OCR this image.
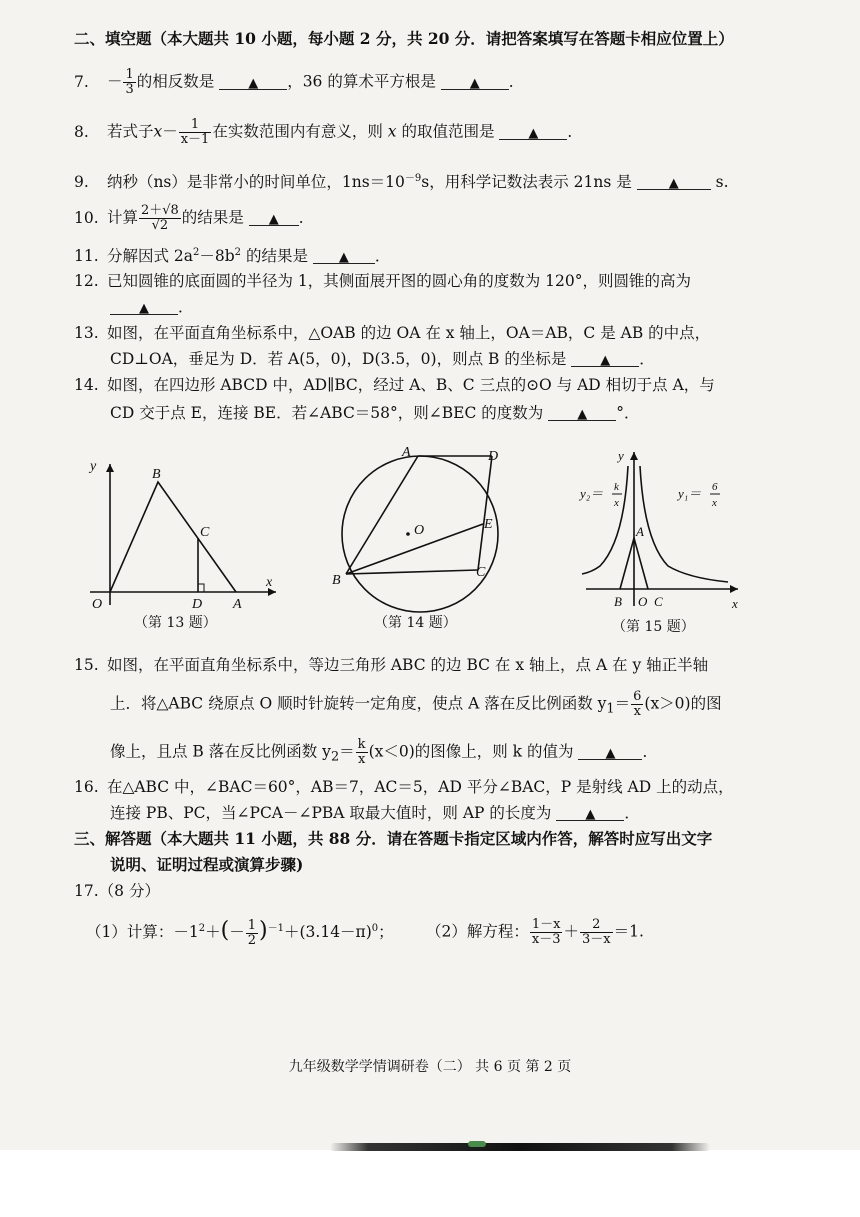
二、填空题（本大题共 10 小题，每小题 2 分，共 20 分．请把答案填写在答题卡相应位置上）
7. － $\frac{1}{3}$ 的相反数是	▲ ，36 的算术平方根是	▲ ．
8. 若式子$x- \frac{1}{x-1}$ 在实数范围内有意义，则 x 的取值范围是	▲ ．
9. 纳秒（ns）是非常小的时间单位，$1ns=10^{-9}s$，用科学记数法表示 21ns 是	▲ s.
10. 计算 $\frac{2+√8}{√2}$ 的结果是 ▲ ．
11. 分解因式 $2a^2-8b^2$ 的结果是 ▲ ．
12. 已知圆锥的底面圆的半径为 1，其侧面展开图的圆心角的度数为 120°，则圆锥的高为
▲ ．
13. 如图，在平面直角坐标系中，△OAB 的边 OA 在 x 轴上，OA＝AB，C 是 AB 的中点，
CD⊥OA，垂足为 D．若 A(5，0)，D(3.5，0)，则点 B 的坐标是	▲ ．
14. 如图，在四边形 ABCD 中，AD∥BC，经过 A、B、C 三点的⊙O 与 AD 相切于点 A，与
CD 交于点 E，连接 BE．若∠ABC＝58°，则∠BEC 的度数为	▲ °．
y
x
O
B
C
D A
（第 13 题）
A	D
E
O
B
C
（第 14 题）
y
x
A
B O C
y₂＝ k
x
y₁＝ 6
x
（第 15 题）
15. 如图，在平面直角坐标系中，等边三角形 ABC 的边 BC 在 x 轴上，点 A 在 y 轴正半轴
上．将△ABC 绕原点 O 顺时针旋转一定角度，使点 A 落在反比例函数 $y_1= \frac{6}{x} (x>0)$的图
像上，且点 B 落在反比例函数 $y_2= \frac{k}{x} (x<0)$的图像上，则 k 的值为 ▲ ．
16. 在△ABC 中，∠BAC＝60°，AB＝7，AC＝5，AD 平分∠BAC，P 是射线 AD 上的动点，
连接 PB、PC，当∠PCA－∠PBA 取最大值时，则 AP 的长度为	▲ ．
三、解答题（本大题共 11 小题，共 88 分．请在答题卡指定区域内作答，解答时应写出文字
说明、证明过程或演算步骤)
17.（8 分）
（1）计算：$-1^2+(- \frac{1}{2} )^{-1}+(3.14-\pi)^0$； （2）解方程： $\frac{1-x}{x-3} + \frac{2}{3-x} =1$.
九年级数学学情调研卷（二） 共 6 页 第 2 页
